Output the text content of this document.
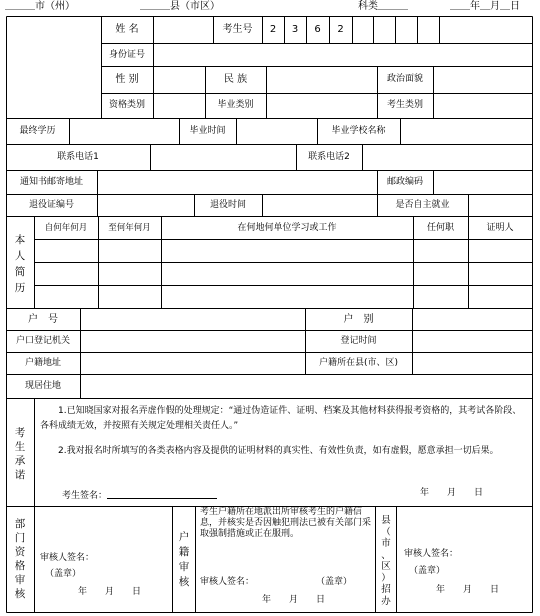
＿＿＿市（州）	＿＿＿县（市区）	科类＿＿＿	＿＿年＿月＿日
姓 名	考生号	2	3	6	2
身份证号
性 别	民 族	政治面貌
资格类别	毕业类别	考生类别
最终学历	毕业时间	毕业学校名称
联系电话1	联系电话2
通知书邮寄地址	邮政编码
退役证编号	退役时间	是否自主就业
本
人
简
历
自何年何月	至何年何月	在何地何单位学习或工作	任何职	证明人
户　号	户　别
户口登记机关	登记时间
户籍地址	户籍所在县(市、区)
现居住地
考
生
承
诺
1.已知晓国家对报名弄虚作假的处理规定：“通过伪造证件、证明、档案及其他材料获得报考资格的，其考试各阶段、各科成绩无效，并按照有关规定处理相关责任人。”
2.我对报名时所填写的各类表格内容及提供的证明材料的真实性、有效性负责，如有虚假，愿意承担一切后果。
考生签名：	年　　月　　日
部
门
资
格
审
核
审核人签名：
（盖章）
年　　月　　日
户
籍
审
核
考生户籍所在地派出所审核考生的户籍信息，并核实是否因触犯刑法已被有关部门采取强制措施或正在服刑。
审核人签名：	（盖章）
年　　月　　日
县
（
市
、
区
）
招
办
审核人签名：
（盖章）
年　　月　　日
